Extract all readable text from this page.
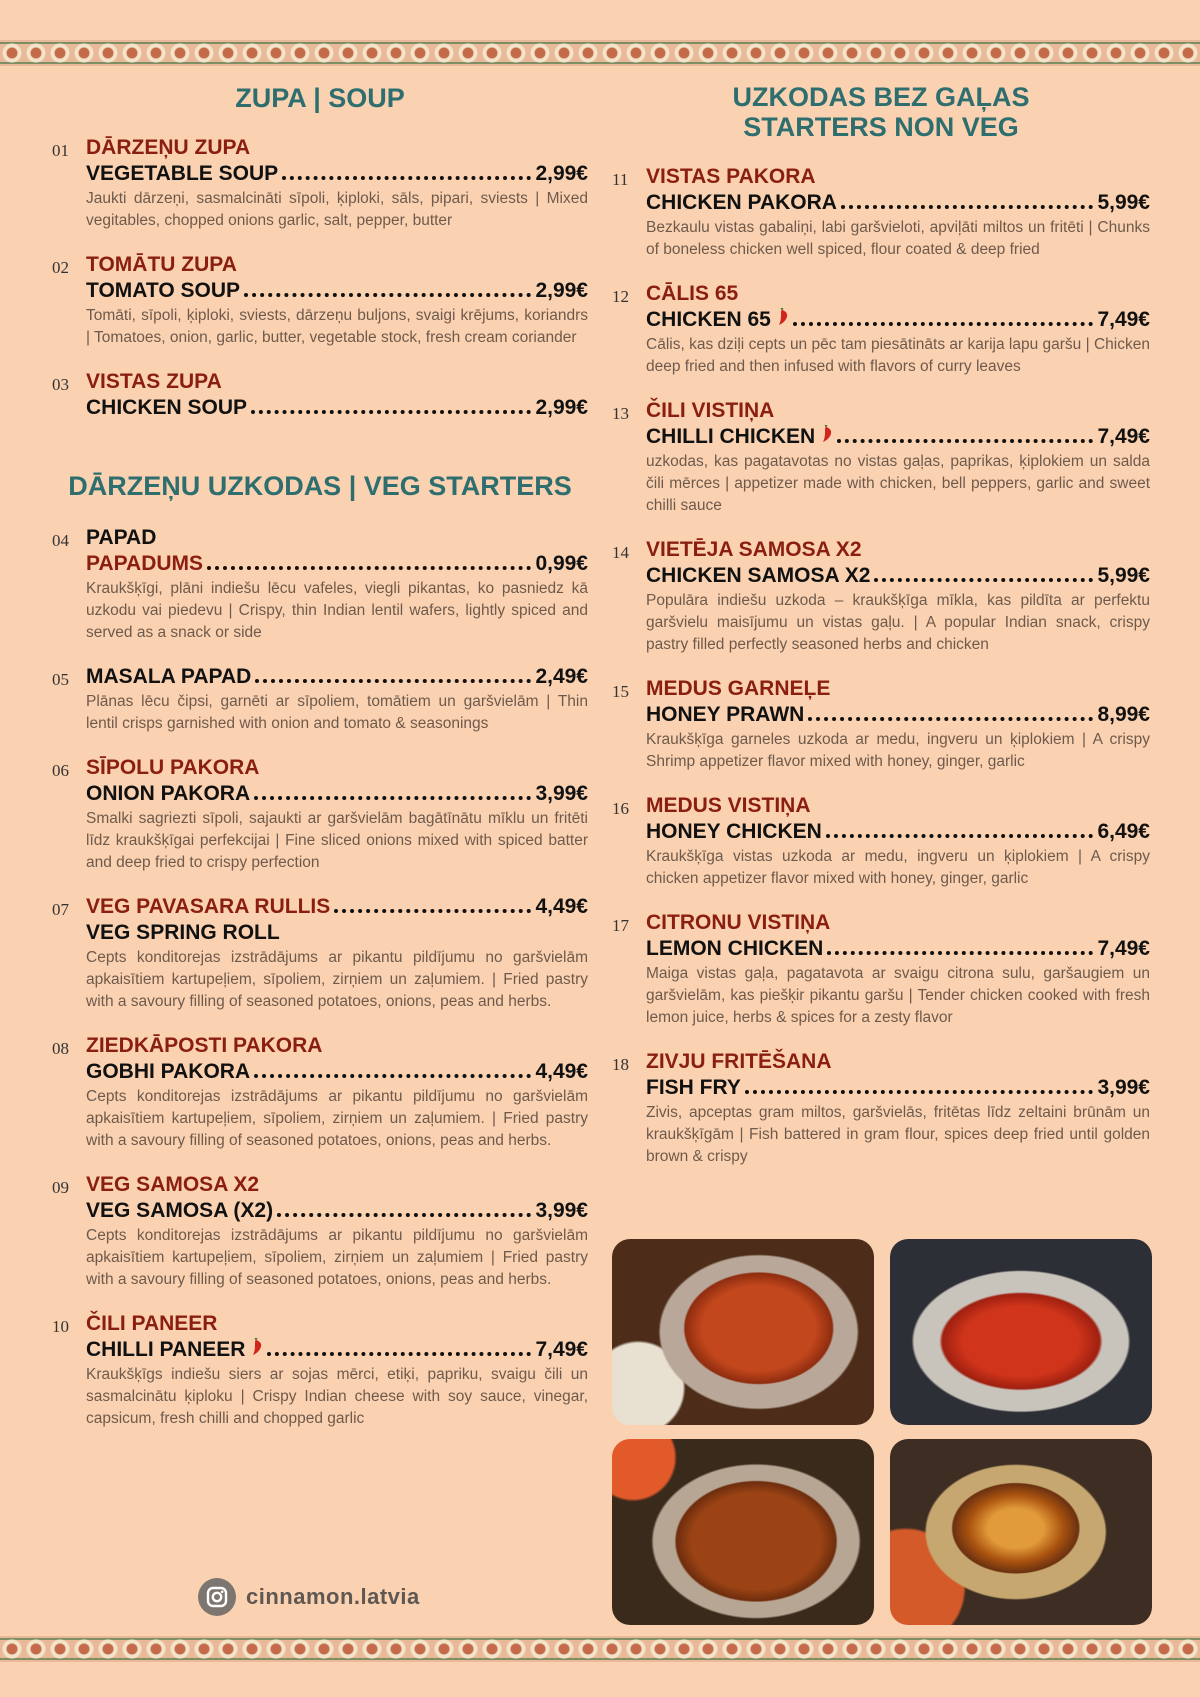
ZUPA | SOUP
01 DĀRZEŅU ZUPA
VEGETABLE SOUP	2,99€
Jaukti dārzeņi, sasmalcināti sīpoli, ķiploki, sāls, pipari, sviests | Mixed vegitables, chopped onions garlic, salt, pepper, butter
02 TOMĀTU ZUPA
TOMATO SOUP	2,99€
Tomāti, sīpoli, ķiploki, sviests, dārzeņu buljons, svaigi krējums, koriandrs | Tomatoes, onion, garlic, butter, vegetable stock, fresh cream coriander
03 VISTAS ZUPA
CHICKEN SOUP	2,99€
DĀRZEŅU UZKODAS | VEG STARTERS
04 PAPAD
PAPADUMS	0,99€
Kraukšķīgi, plāni indiešu lēcu vafeles, viegli pikantas, ko pasniedz kā uzkodu vai piedevu | Crispy, thin Indian lentil wafers, lightly spiced and served as a snack or side
05 MASALA PAPAD	2,49€
Plānas lēcu čipsi, garnēti ar sīpoliem, tomātiem un garšvielām | Thin lentil crisps garnished with onion and tomato & seasonings
06 SĪPOLU PAKORA
ONION PAKORA	3,99€
Smalki sagriezti sīpoli, sajaukti ar garšvielām bagātīnātu mīklu un fritēti līdz kraukšķīgai perfekcijai | Fine sliced onions mixed with spiced batter and deep fried to crispy perfection
07 VEG PAVASARA RULLIS	4,49€
VEG SPRING ROLL
Cepts konditorejas izstrādājums ar pikantu pildījumu no garšvielām apkaisītiem kartupeļiem, sīpoliem, zirņiem un zaļumiem. | Fried pastry with a savoury filling of seasoned potatoes, onions, peas and herbs.
08 ZIEDKĀPOSTI PAKORA
GOBHI PAKORA	4,49€
Cepts konditorejas izstrādājums ar pikantu pildījumu no garšvielām apkaisītiem kartupeļiem, sīpoliem, zirņiem un zaļumiem. | Fried pastry with a savoury filling of seasoned potatoes, onions, peas and herbs.
09 VEG SAMOSA X2
VEG SAMOSA (X2)	3,99€
Cepts konditorejas izstrādājums ar pikantu pildījumu no garšvielām apkaisītiem kartupeļiem, sīpoliem, zirņiem un zaļumiem | Fried pastry with a savoury filling of seasoned potatoes, onions, peas and herbs.
10 ČILI PANEER
CHILLI PANEER	7,49€
Kraukšķīgs indiešu siers ar sojas mērci, etiķi, papriku, svaigu čili un sasmalcinātu ķiploku | Crispy Indian cheese with soy sauce, vinegar, capsicum, fresh chilli and chopped garlic
UZKODAS BEZ GAĻAS
STARTERS NON VEG
11 VISTAS PAKORA
CHICKEN PAKORA	5,99€
Bezkaulu vistas gabaliņi, labi garšvieloti, apviļāti miltos un fritēti | Chunks of boneless chicken well spiced, flour coated & deep fried
12 CĀLIS 65
CHICKEN 65	7,49€
Cālis, kas dziļi cepts un pēc tam piesātināts ar karija lapu garšu | Chicken deep fried and then infused with flavors of curry leaves
13 ČILI VISTIŅA
CHILLI CHICKEN	7,49€
uzkodas, kas pagatavotas no vistas gaļas, paprikas, ķiplokiem un salda čili mērces | appetizer made with chicken, bell peppers, garlic and sweet chilli sauce
14 VIETĒJA SAMOSA X2
CHICKEN SAMOSA X2	5,99€
Populāra indiešu uzkoda – kraukšķīga mīkla, kas pildīta ar perfektu garšvielu maisījumu un vistas gaļu. | A popular Indian snack, crispy pastry filled perfectly seasoned herbs and chicken
15 MEDUS GARNEĻE
HONEY PRAWN	8,99€
Kraukšķīga garneles uzkoda ar medu, ingveru un ķiplokiem | A crispy Shrimp appetizer flavor mixed with honey, ginger, garlic
16 MEDUS VISTIŅA
HONEY CHICKEN	6,49€
Kraukšķīga vistas uzkoda ar medu, ingveru un ķiplokiem | A crispy chicken appetizer flavor mixed with honey, ginger, garlic
17 CITRONU VISTIŅA
LEMON CHICKEN	7,49€
Maiga vistas gaļa, pagatavota ar svaigu citrona sulu, garšaugiem un garšvielām, kas piešķir pikantu garšu | Tender chicken cooked with fresh lemon juice, herbs & spices for a zesty flavor
18 ZIVJU FRITĒŠANA
FISH FRY	3,99€
Zivis, apceptas gram miltos, garšvielās, fritētas līdz zeltaini brūnām un kraukšķīgām | Fish battered in gram flour, spices deep fried until golden brown & crispy
cinnamon.latvia
